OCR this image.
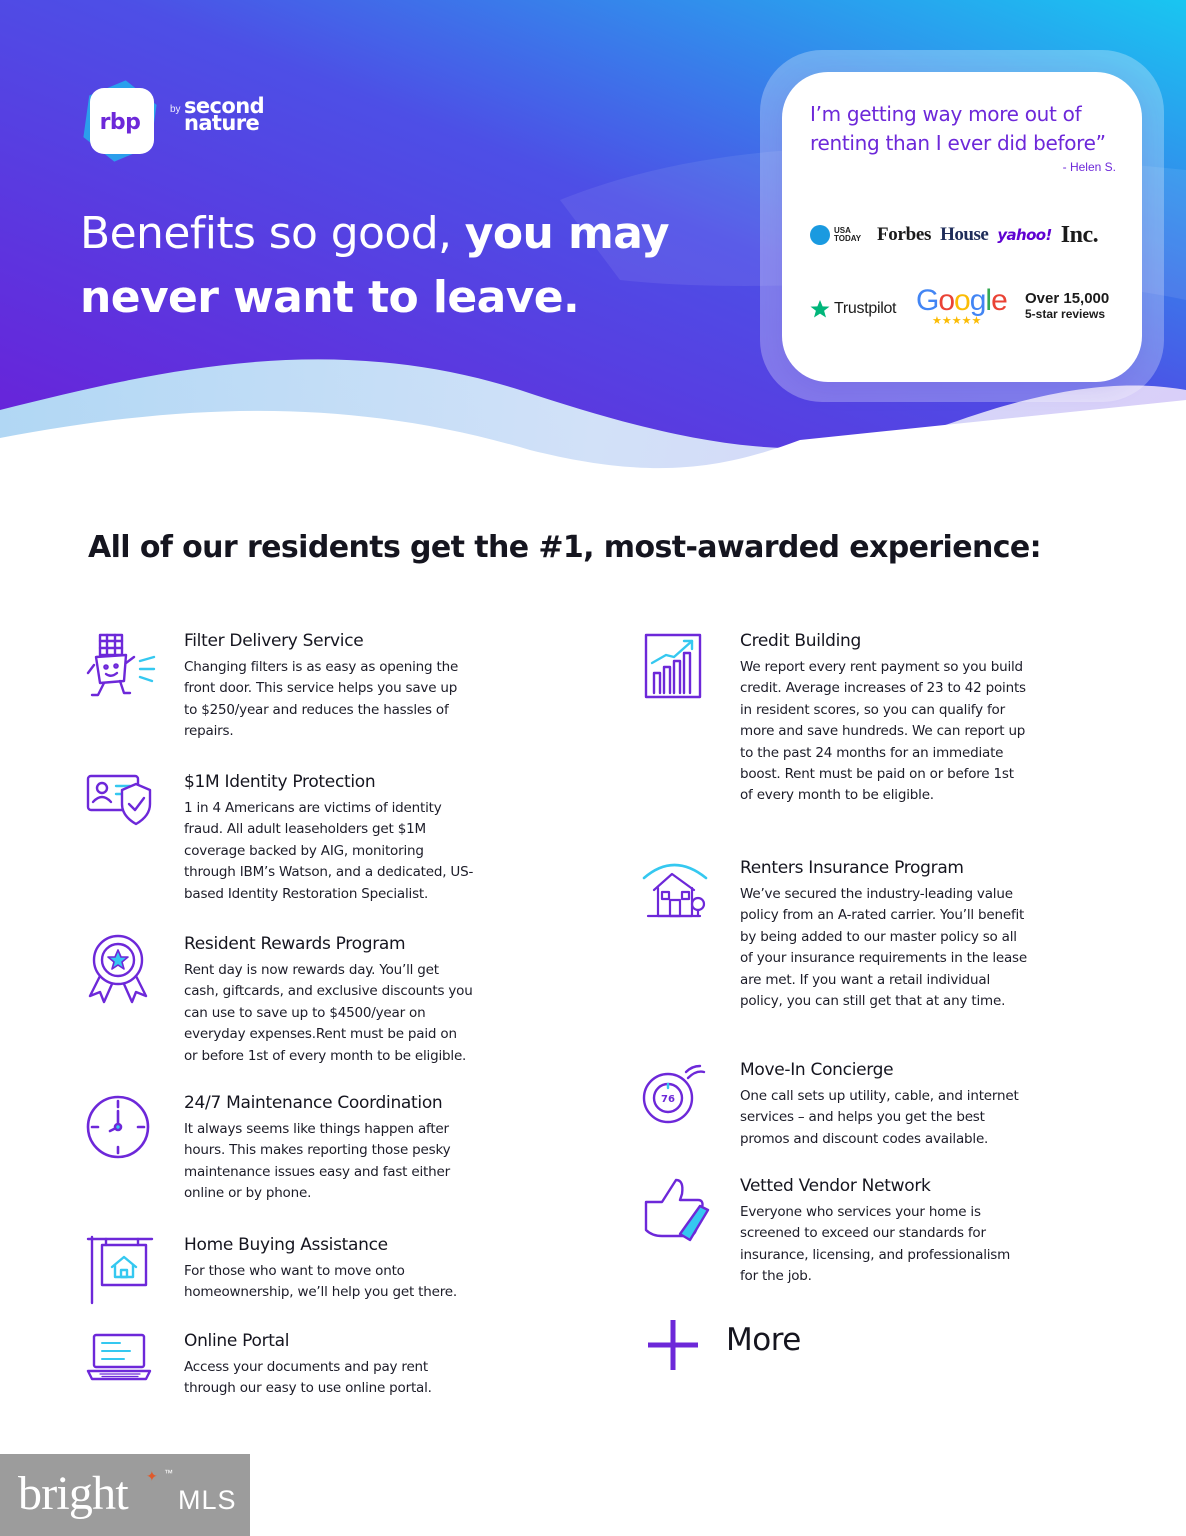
rbp	by second nature
Benefits so good, you may
never want to leave.
I’m getting way more out of renting than I ever did before”
- Helen S.
USA TODAY Forbes House yahoo! Inc.
Trustpilot Google
★★★★★
Over 15,000
5-star reviews
All of our residents get the #1, most-awarded experience:
Filter Delivery Service
Changing filters is as easy as opening the front door. This service helps you save up to $250/year and reduces the hassles of repairs.
$1M Identity Protection
1 in 4 Americans are victims of identity fraud. All adult leaseholders get $1M coverage backed by AIG, monitoring through IBM’s Watson, and a dedicated, US-based Identity Restoration Specialist.
Resident Rewards Program
Rent day is now rewards day. You’ll get cash, giftcards, and exclusive discounts you can use to save up to $4500/year on everyday expenses.Rent must be paid on or before 1st of every month to be eligible.
24/7 Maintenance Coordination
It always seems like things happen after hours. This makes reporting those pesky maintenance issues easy and fast either online or by phone.
Home Buying Assistance
For those who want to move onto homeownership, we’ll help you get there.
Online Portal
Access your documents and pay rent through our easy to use online portal.
Credit Building
We report every rent payment so you build credit. Average increases of 23 to 42 points in resident scores, so you can qualify for more and save hundreds. We can report up to the past 24 months for an immediate boost. Rent must be paid on or before 1st of every month to be eligible.
Renters Insurance Program
We’ve secured the industry-leading value policy from an A-rated carrier. You’ll benefit by being added to our master policy so all of your insurance requirements in the lease are met. If you want a retail individual policy, you can still get that at any time.
76
Move-In Concierge
One call sets up utility, cable, and internet services – and helps you get the best promos and discount codes available.
Vetted Vendor Network
Everyone who services your home is screened to exceed our standards for insurance, licensing, and professionalism for the job.
More
bright ✦ ™
MLS
